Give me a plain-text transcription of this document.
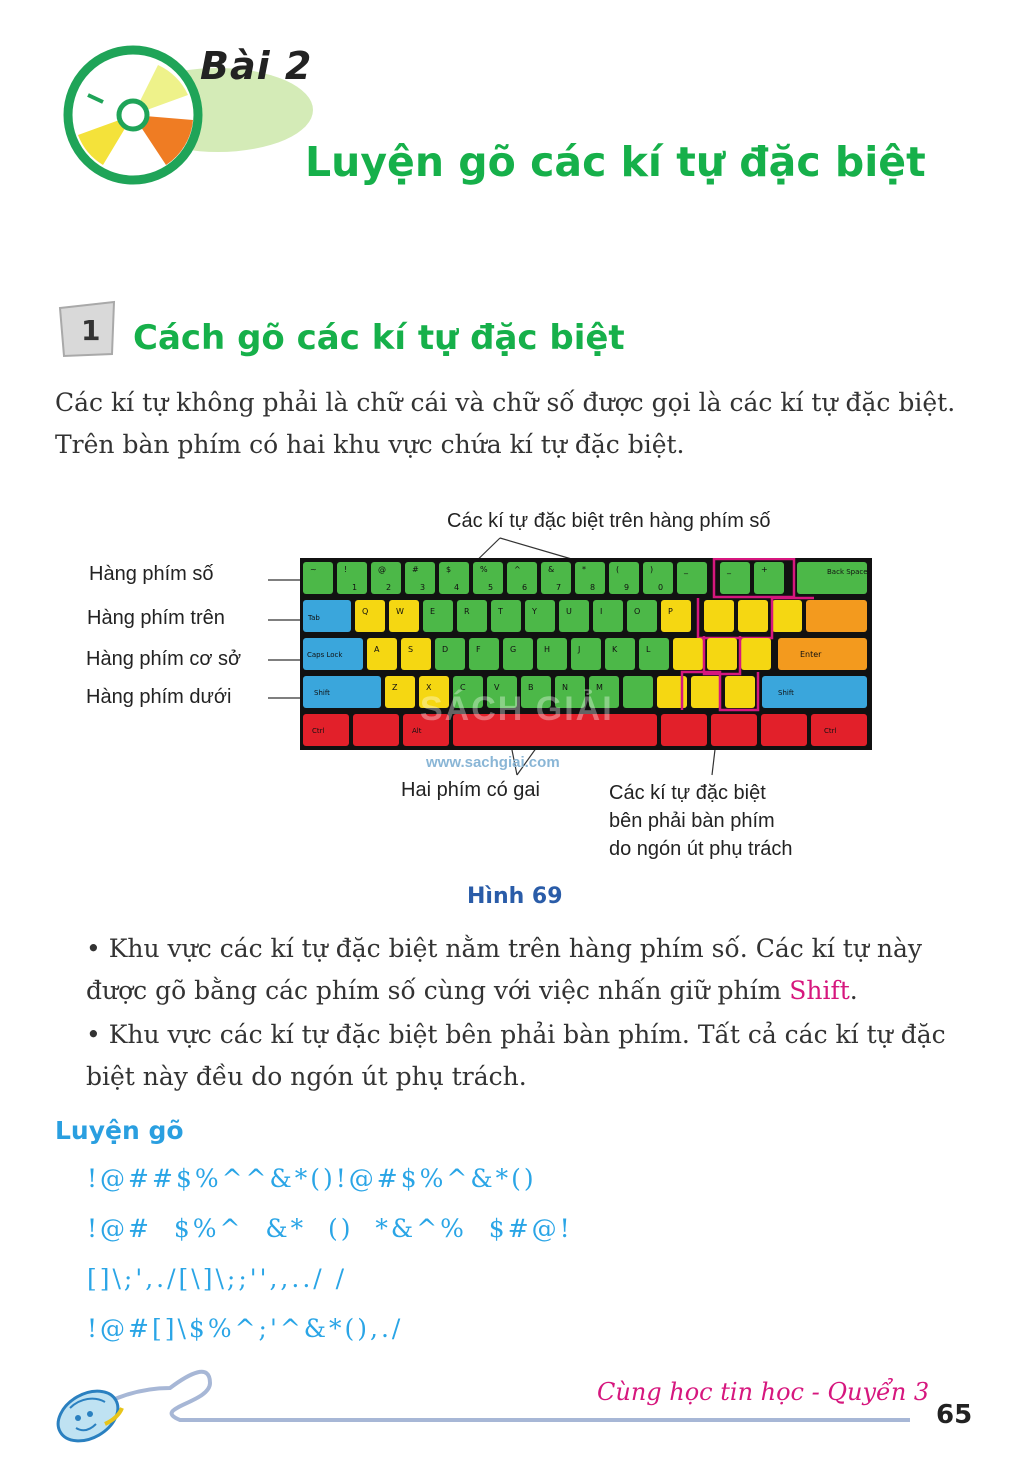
Bài 2
Luyện gõ các kí tự đặc biệt
1 Cách gõ các kí tự đặc biệt
Các kí tự không phải là chữ cái và chữ số được gọi là các kí tự đặc biệt. Trên bàn phím có hai khu vực chứa kí tự đặc biệt.
Các kí tự đặc biệt trên hàng phím số
Hàng phím số
Hàng phím trên
Hàng phím cơ sở
Hàng phím dưới
Hai phím có gai	Các kí tự đặc biệt
bên phải bàn phím
do ngón út phụ trách
~	!	@	#	$	%	^	&	*	(	)	_	_	+
1	2	3	4	5	6	7	8	9	0
Back Space
Tab
Q	W	E	R	T	Y	U	I	O	P
Caps Lock	Enter
A	S	D	F	G	H	J	K	L
Shift	Shift
Z	X	C	V	B	N	M
Ctrl	Alt	Ctrl
SÁCH GIẢI
www.sachgiai.com
Hình 69
• Khu vực các kí tự đặc biệt nằm trên hàng phím số. Các kí tự này được gõ bằng các phím số cùng với việc nhấn giữ phím Shift.
• Khu vực các kí tự đặc biệt bên phải bàn phím. Tất cả các kí tự đặc biệt này đều do ngón út phụ trách.
Luyện gõ
!@##$%^^&*()!@#$%^&*()
!@#  $%^  &*  ()  *&^%  $#@!
[]\;',./[\]\;;'',,../ /
!@#[]\$%^;'^&*(),./
Cùng học tin học - Quyển 3
65
